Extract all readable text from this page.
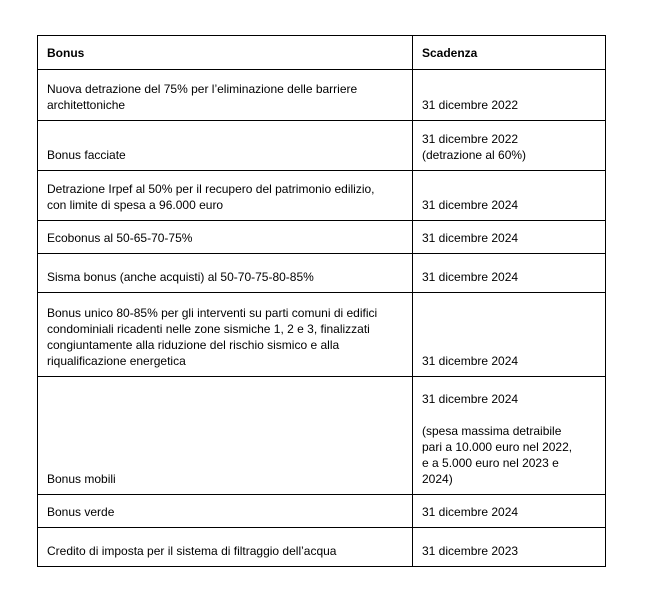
Bonus	Scadenza

Nuova detrazione del 75% per l’eliminazione delle barriere
architettoniche	31 dicembre 2022

Bonus facciate	31 dicembre 2022
(detrazione al 60%)

Detrazione Irpef al 50% per il recupero del patrimonio edilizio,
con limite di spesa a 96.000 euro	31 dicembre 2024

Ecobonus al 50-65-70-75%	31 dicembre 2024

Sisma bonus (anche acquisti) al 50-70-75-80-85%	31 dicembre 2024

Bonus unico 80-85% per gli interventi su parti comuni di edifici
condominiali ricadenti nelle zone sismiche 1, 2 e 3, finalizzati
congiuntamente alla riduzione del rischio sismico e alla
riqualificazione energetica	31 dicembre 2024

Bonus mobili	31 dicembre 2024
(spesa massima detraibile
pari a 10.000 euro nel 2022,
e a 5.000 euro nel 2023 e
2024)

Bonus verde	31 dicembre 2024

Credito di imposta per il sistema di filtraggio dell’acqua	31 dicembre 2023
